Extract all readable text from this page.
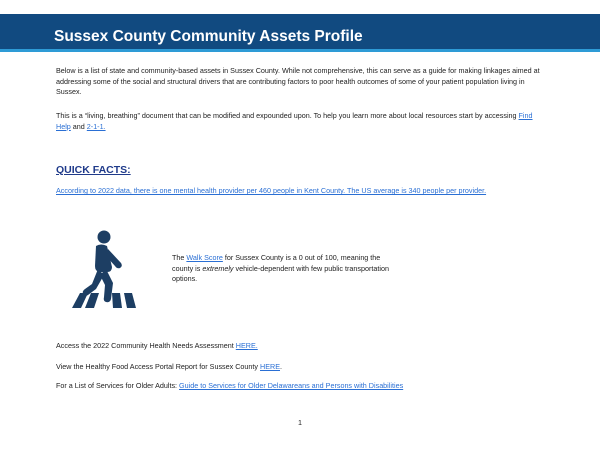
Sussex County Community Assets Profile

Below is a list of state and community-based assets in Sussex County. While not comprehensive, this can serve as a guide for making linkages aimed at addressing some of the social and structural drivers that are contributing factors to poor health outcomes of some of your patient population living in Sussex.

This is a “living, breathing” document that can be modified and expounded upon. To help you learn more about local resources start by accessing Find Help and 2-1-1.

QUICK FACTS:

According to 2022 data, there is one mental health provider per 460 people in Kent County. The US average is 340 people per provider.

The Walk Score for Sussex County is a 0 out of 100, meaning the county is extremely vehicle-dependent with few public transportation options.

Access the 2022 Community Health Needs Assessment HERE.

View the Healthy Food Access Portal Report for Sussex County HERE.

For a List of Services for Older Adults: Guide to Services for Older Delawareans and Persons with Disabilities

1
